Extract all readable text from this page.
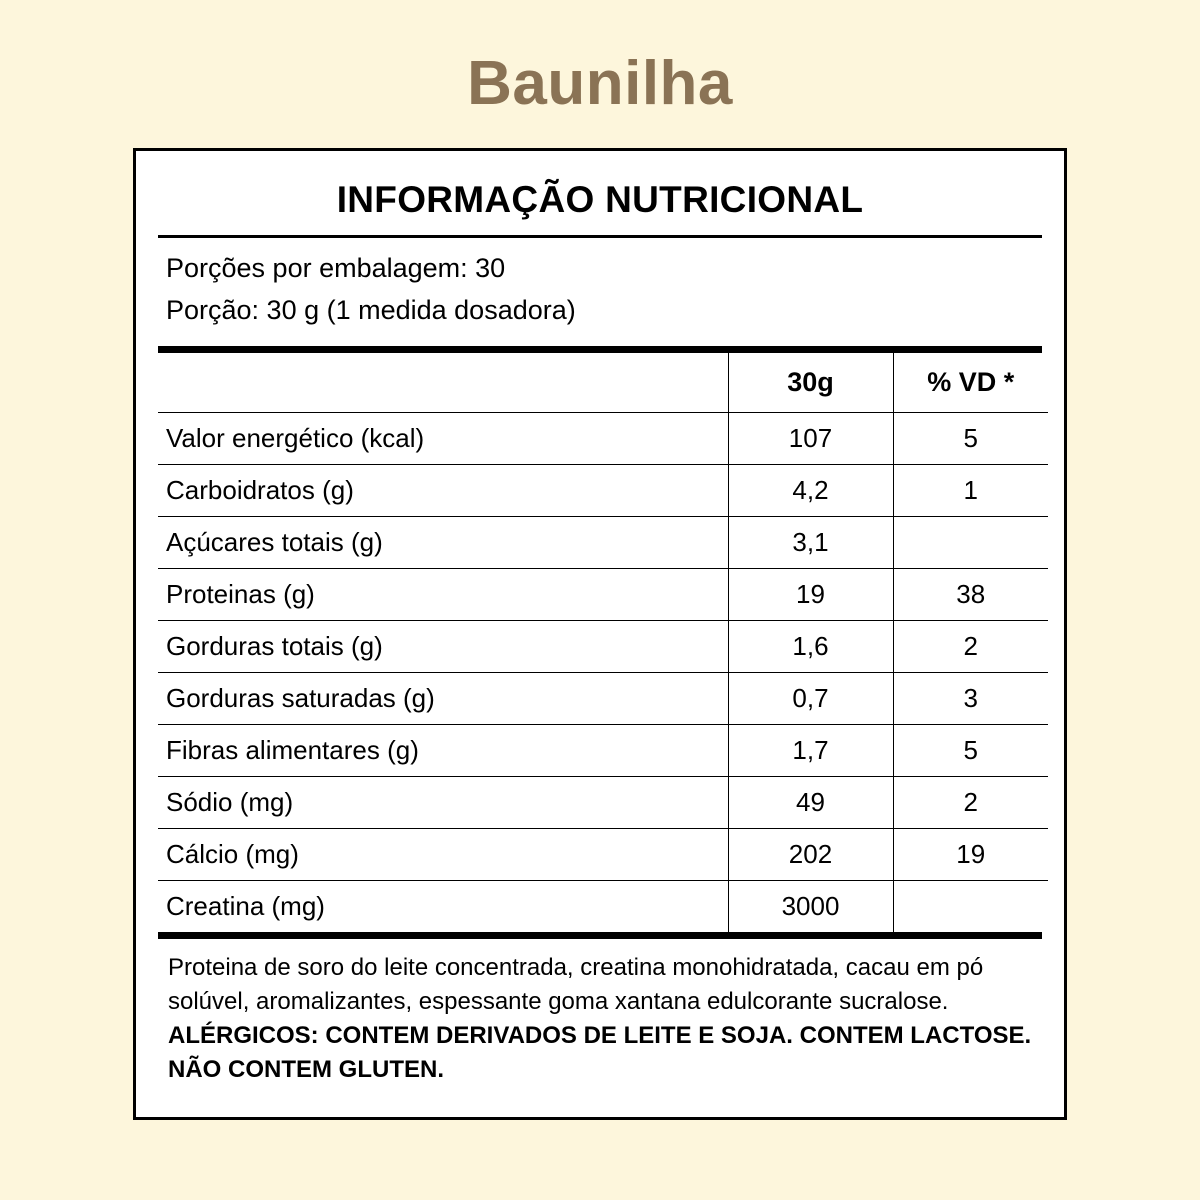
Baunilha
INFORMAÇÃO NUTRICIONAL
Porções por embalagem: 30
Porção: 30 g (1 medida dosadora)
	30g	% VD *
Valor energético (kcal)	107	5
Carboidratos (g)	4,2	1
Açúcares totais (g)	3,1	
Proteinas (g)	19	38
Gorduras totais (g)	1,6	2
Gorduras saturadas (g)	0,7	3
Fibras alimentares (g)	1,7	5
Sódio (mg)	49	2
Cálcio (mg)	202	19
Creatina (mg)	3000	
Proteina de soro do leite concentrada, creatina monohidratada, cacau em pó solúvel, aromalizantes, espessante goma xantana edulcorante sucralose. ALÉRGICOS: CONTEM DERIVADOS DE LEITE E SOJA. CONTEM LACTOSE. NÃO CONTEM GLUTEN.
